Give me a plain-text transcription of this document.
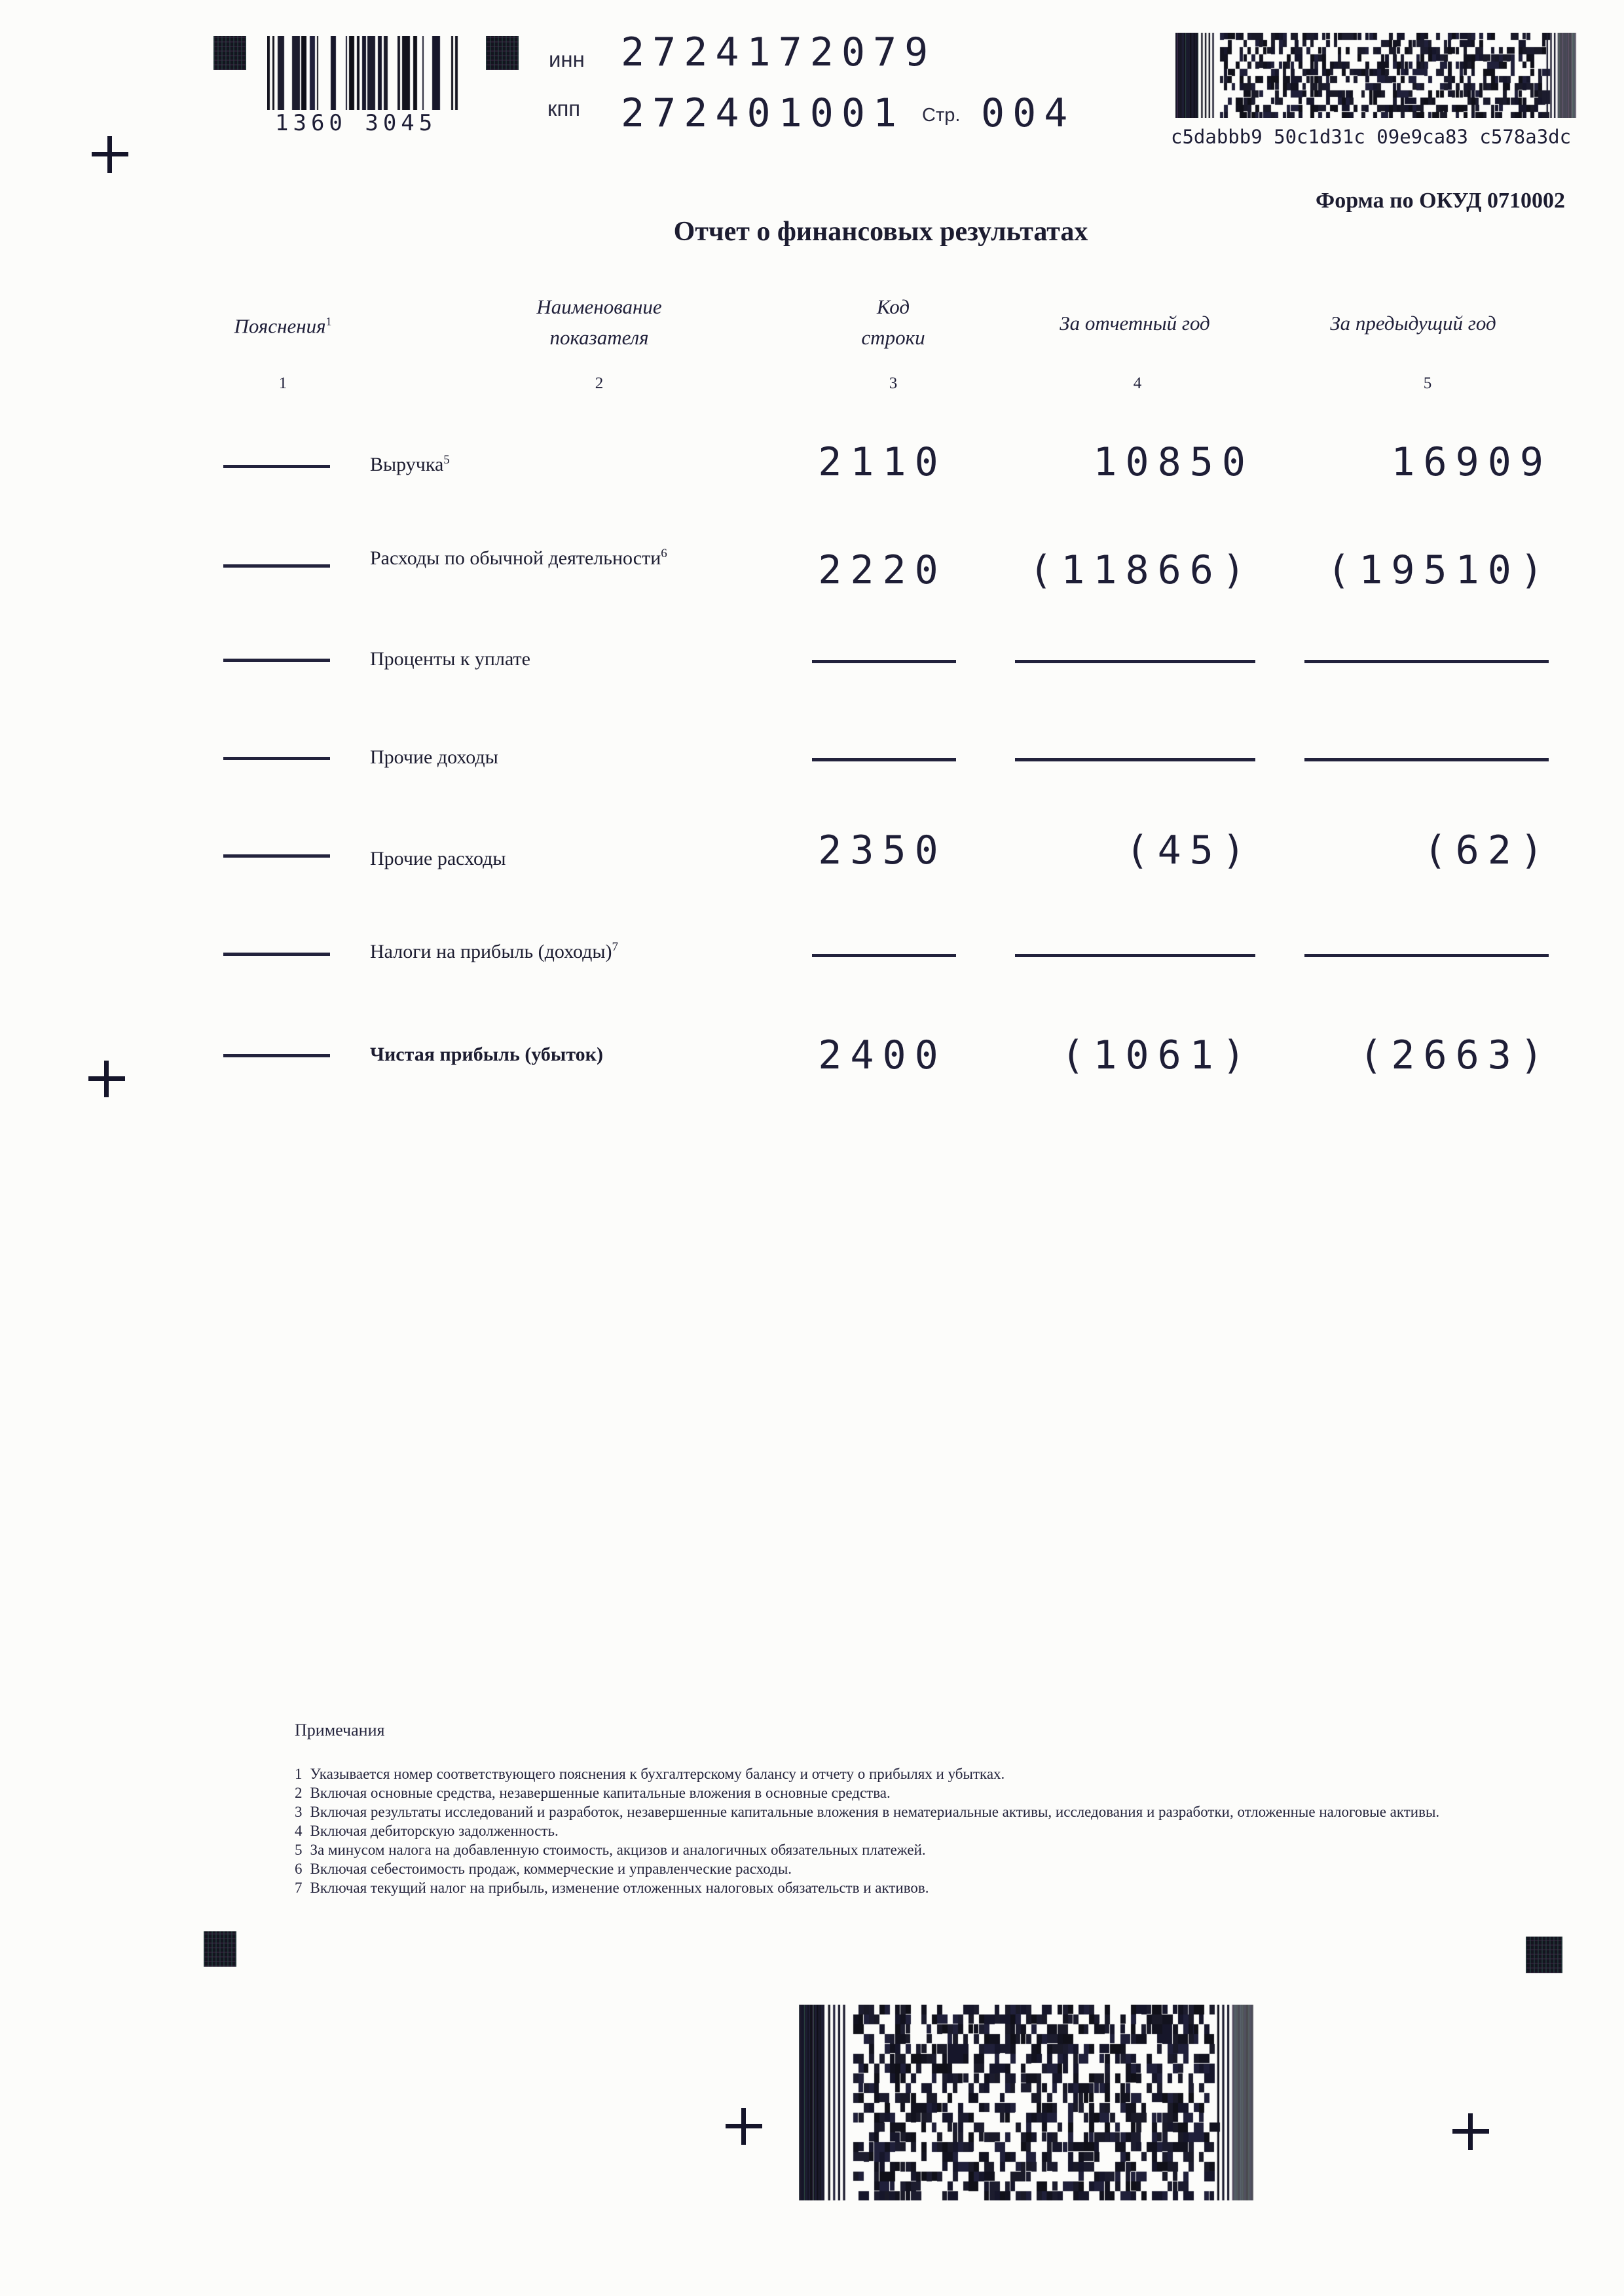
1360 3045
инн 2724172079
кпп 272401001 Стр. 004
c5dabbb9 50c1d31c 09e9ca83 c578a3dc
Форма по ОКУД 0710002
Отчет о финансовых результатах
Пояснения$^1$
Наименование
показателя
Код
строки
За отчетный год	За предыдущий год
1	2	3	4	5
Выручка$^5$	2110	10850	16909
Расходы по обычной деятельности$^6$	2220	(11866)	(19510)
Проценты к уплате
Прочие доходы
Прочие расходы	2350	(45)	(62)
Налоги на прибыль (доходы)$^7$
Чистая прибыль (убыток)	2400	(1061)	(2663)
Примечания
1 Указывается номер соответствующего пояснения к бухгалтерскому балансу и отчету о прибылях и убытках.
2 Включая основные средства, незавершенные капитальные вложения в основные средства.
3 Включая результаты исследований и разработок, незавершенные капитальные вложения в нематериальные активы, исследования и разработки, отложенные налоговые активы.
4 Включая дебиторскую задолженность.
5 За минусом налога на добавленную стоимость, акцизов и аналогичных обязательных платежей.
6 Включая себестоимость продаж, коммерческие и управленческие расходы.
7 Включая текущий налог на прибыль, изменение отложенных налоговых обязательств и активов.
